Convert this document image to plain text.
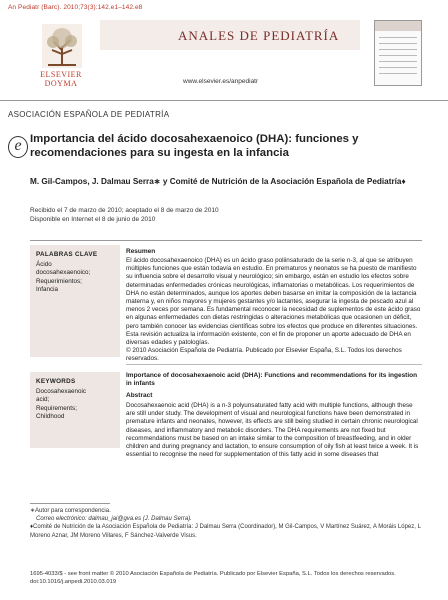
An Pediatr (Barc). 2010;73(3):142.e1–142.e8
ELSEVIER DOYMA
ANALES DE PEDIATRÍA
www.elsevier.es/anpediatr
ASOCIACIÓN ESPAÑOLA DE PEDIATRÍA
e Importancia del ácido docosahexaenoico (DHA): funciones y recomendaciones para su ingesta en la infancia
M. Gil-Campos, J. Dalmau Serra∗ y Comité de Nutrición de la Asociación Española de Pediatría♦
Recibido el 7 de marzo de 2010; aceptado el 8 de marzo de 2010
Disponible en Internet el 8 de junio de 2010
PALABRAS CLAVE
Ácido
docosahexaenoico;
Requerimientos;
Infancia
Resumen

El ácido docosahexaenoico (DHA) es un ácido graso poliinsaturado de la serie n-3, al que se atribuyen múltiples funciones que están todavía en estudio. En prematuros y neonatos se ha puesto de manifiesto su influencia sobre el desarrollo visual y neurológico; sin embargo, están en estudio los efectos sobre determinadas enfermedades crónicas neurológicas, inflamatorias o metabólicas. Los requerimientos de DHA no están determinados, aunque los aportes deben basarse en imitar la composición de la lactancia materna y, en niños mayores y mujeres gestantes y/o lactantes, asegurar la ingesta de pescado azul al menos 2 veces por semana. Es fundamental reconocer la necesidad de suplementos de este ácido graso en algunas enfermedades con dietas restringidas o alteraciones metabólicas que ocasionen un déficit, pero también conocer las evidencias científicas sobre los efectos que produce en diferentes situaciones. Esta revisión actualiza la información existente, con el fin de proponer un aporte adecuado de DHA en diversas edades y patologías.

© 2010 Asociación Española de Pediatría. Publicado por Elsevier España, S.L. Todos los derechos reservados.

KEYWORDS
Docosahexaenoic
acid;
Requirements;
Childhood
Importance of docosahexaenoic acid (DHA): Functions and recommendations for its ingestion in infants
Abstract

Docosahexaenoic acid (DHA) is a n-3 polyunsaturated fatty acid with multiple functions, although these are still under study. The development of visual and neurological functions have been demonstrated in premature infants and neonates, however, its effects are still being studied in certain chronic neurological diseases, and inflammatory and metabolic disorders. The DHA requirements are not fixed but recommendations must be based on an intake similar to the composition of breastfeeding, and in older children and during pregnancy and lactation, to ensure consumption of oily fish at least twice a week. It is essential to recognise the need for supplementation of this fatty acid in some diseases that

∗Autor para correspondencia.
Correo electrónico: dalmau_jai@gva.es (J. Dalmau Serra).
♦Comité de Nutrición de la Asociación Española de Pediatría: J Dalmau Serra (Coordinador), M Gil-Campos, V Martínez Suárez, A Moráis López, L Moreno Aznar, JM Moreno Villares, F Sánchez-Valverde Visus.
1695-4033/$ - see front matter © 2010 Asociación Española de Pediatría. Publicado por Elsevier España, S.L. Todos los derechos reservados.
doi:10.1016/j.anpedi.2010.03.019
